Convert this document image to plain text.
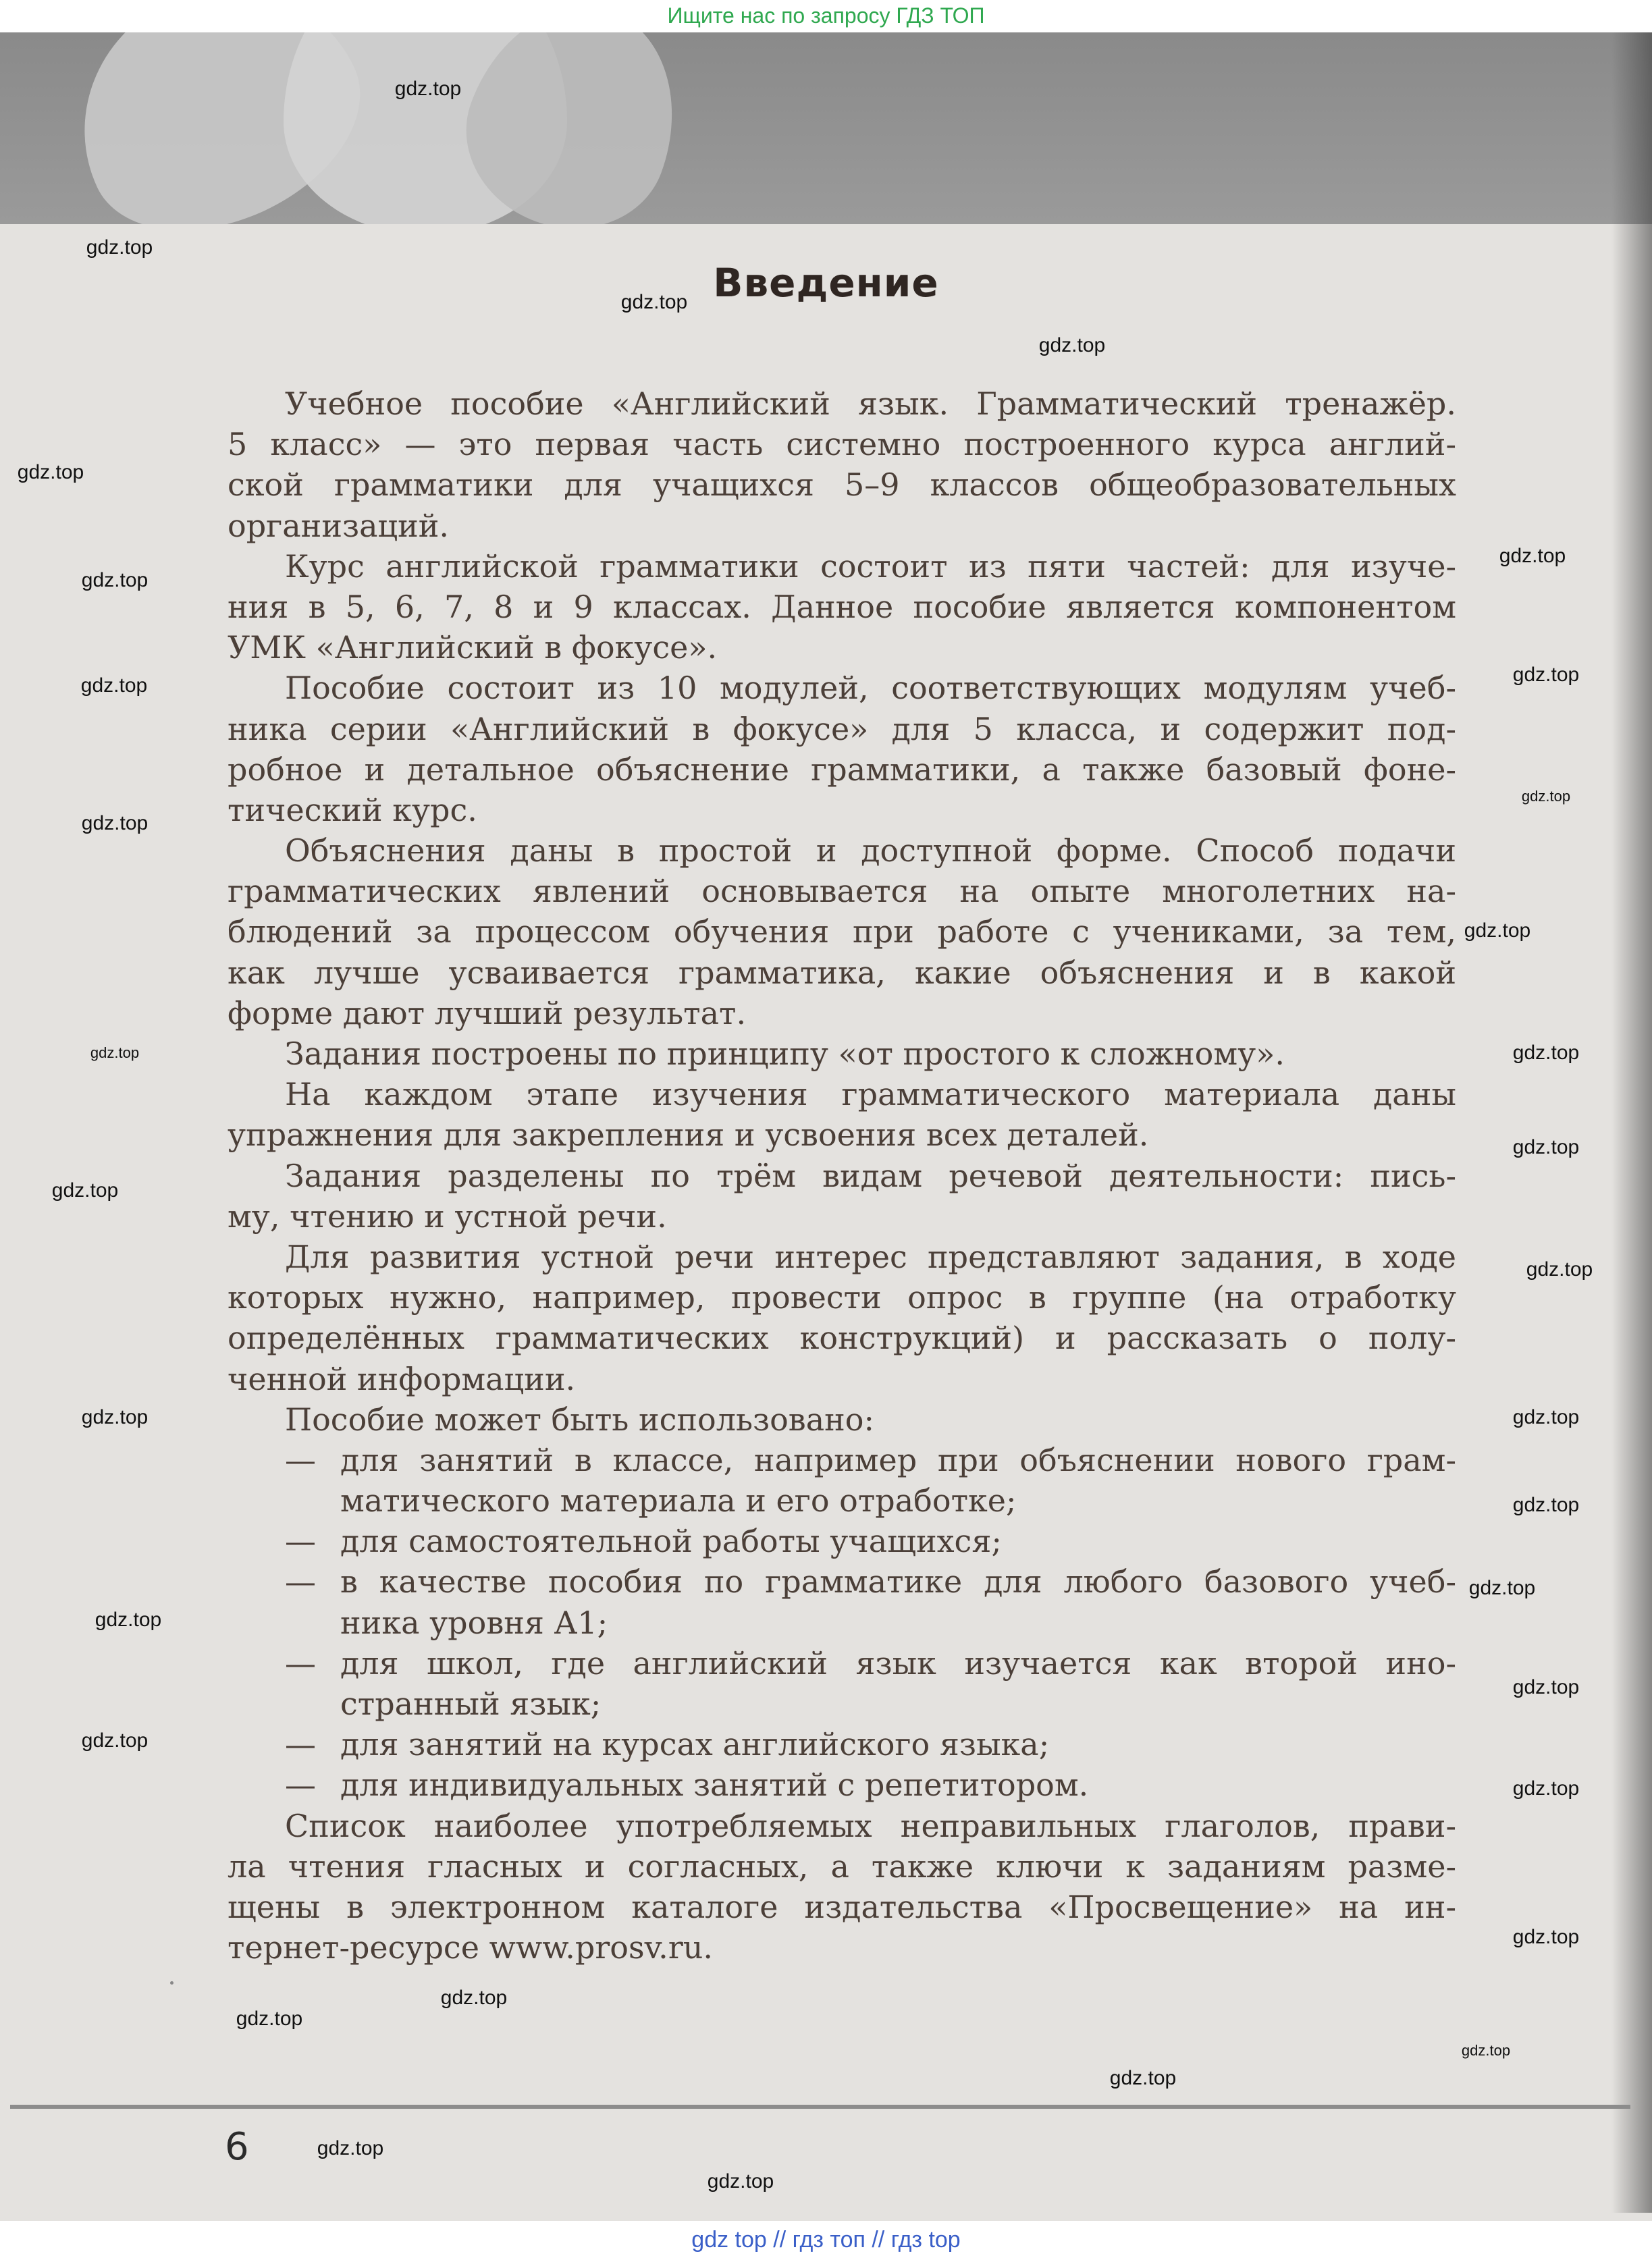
Ищите нас по запросу ГДЗ ТОП
Введение
Учебное пособие «Английский язык. Грамматический тренажёр.
5 класс» — это первая часть системно построенного курса англий-
ской грамматики для учащихся 5–9 классов общеобразовательных
организаций.
Курс английской грамматики состоит из пяти частей: для изуче-
ния в 5, 6, 7, 8 и 9 классах. Данное пособие является компонентом
УМК «Английский в фокусе».
Пособие состоит из 10 модулей, соответствующих модулям учеб-
ника серии «Английский в фокусе» для 5 класса, и содержит под-
робное и детальное объяснение грамматики, а также базовый фоне-
тический курс.
Объяснения даны в простой и доступной форме. Способ подачи
грамматических явлений основывается на опыте многолетних на-
блюдений за процессом обучения при работе с учениками, за тем,
как лучше усваивается грамматика, какие объяснения и в какой
форме дают лучший результат.
Задания построены по принципу «от простого к сложному».
На каждом этапе изучения грамматического материала даны
упражнения для закрепления и усвоения всех деталей.
Задания разделены по трём видам речевой деятельности: пись-
му, чтению и устной речи.
Для развития устной речи интерес представляют задания, в ходе
которых нужно, например, провести опрос в группе (на отработку
определённых грамматических конструкций) и рассказать о полу-
ченной информации.
Пособие может быть использовано:
— для занятий в классе, например при объяснении нового грам-
матического материала и его отработке;
— для самостоятельной работы учащихся;
— в качестве пособия по грамматике для любого базового учеб-
ника уровня А1;
— для школ, где английский язык изучается как второй ино-
странный язык;
— для занятий на курсах английского языка;
— для индивидуальных занятий с репетитором.
Список наиболее употребляемых неправильных глаголов, прави-
ла чтения гласных и согласных, а также ключи к заданиям разме-
щены в электронном каталоге издательства «Просвещение» на ин-
тернет-ресурсе www.prosv.ru.
6
gdz top // гдз топ // гдз top
gdz.top
gdz.top
gdz.top
gdz.top
gdz.top
gdz.top
gdz.top
gdz.top
gdz.top
gdz.top
gdz.top
gdz.top
gdz.top
gdz.top
gdz.top
gdz.top
gdz.top
gdz.top	gdz.top
gdz.top
gdz.top
gdz.top
gdz.top
gdz.top
gdz.top
gdz.top
gdz.top
gdz.top
gdz.top
gdz.top
gdz.top
gdz.top
